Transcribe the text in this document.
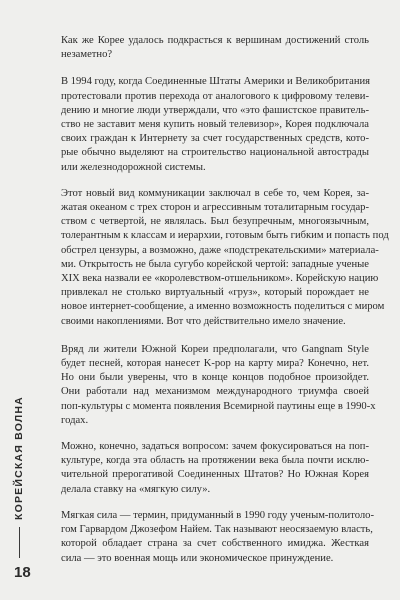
Как же Корее удалось подкрасться к вершинам достижений столь
незаметно?

В 1994 году, когда Соединенные Штаты Америки и Великобритания
протестовали против перехода от аналогового к цифровому телеви-
дению и многие люди утверждали, что «это фашистское правитель-
ство не заставит меня купить новый телевизор», Корея подключала
своих граждан к Интернету за счет государственных средств, кото-
рые обычно выделяют на строительство национальной автострады
или железнодорожной системы.

Этот новый вид коммуникации заключал в себе то, чем Корея, за-
жатая океаном с трех сторон и агрессивным тоталитарным государ-
ством с четвертой, не являлась. Был безупречным, многоязычным,
толерантным к классам и иерархии, готовым быть гибким и попасть под
обстрел цензуры, а возможно, даже «подстрекательскими» материала-
ми. Открытость не была сугубо корейской чертой: западные ученые
XIX века назвали ее «королевством-отшельником». Корейскую нацию
привлекал не столько виртуальный «груз», который порождает не
новое интернет-сообщение, а именно возможность поделиться с миром
своими накоплениями. Вот что действительно имело значение.

Вряд ли жители Южной Кореи предполагали, что Gangnam Style
будет песней, которая нанесет K-pop на карту мира? Конечно, нет.
Но они были уверены, что в конце концов подобное произойдет.
Они работали над механизмом международного триумфа своей
поп-культуры с момента появления Всемирной паутины еще в 1990-х
годах.

Можно, конечно, задаться вопросом: зачем фокусироваться на поп-
культуре, когда эта область на протяжении века была почти исклю-
чительной прерогативой Соединенных Штатов? Но Южная Корея
делала ставку на «мягкую силу».

Мягкая сила — термин, придуманный в 1990 году ученым-политоло-
гом Гарвардом Джозефом Найем. Так называют неосязаемую власть,
которой обладает страна за счет собственного имиджа. Жесткая
сила — это военная мощь или экономическое принуждение.

КОРЕЙСКАЯ ВОЛНА
18
